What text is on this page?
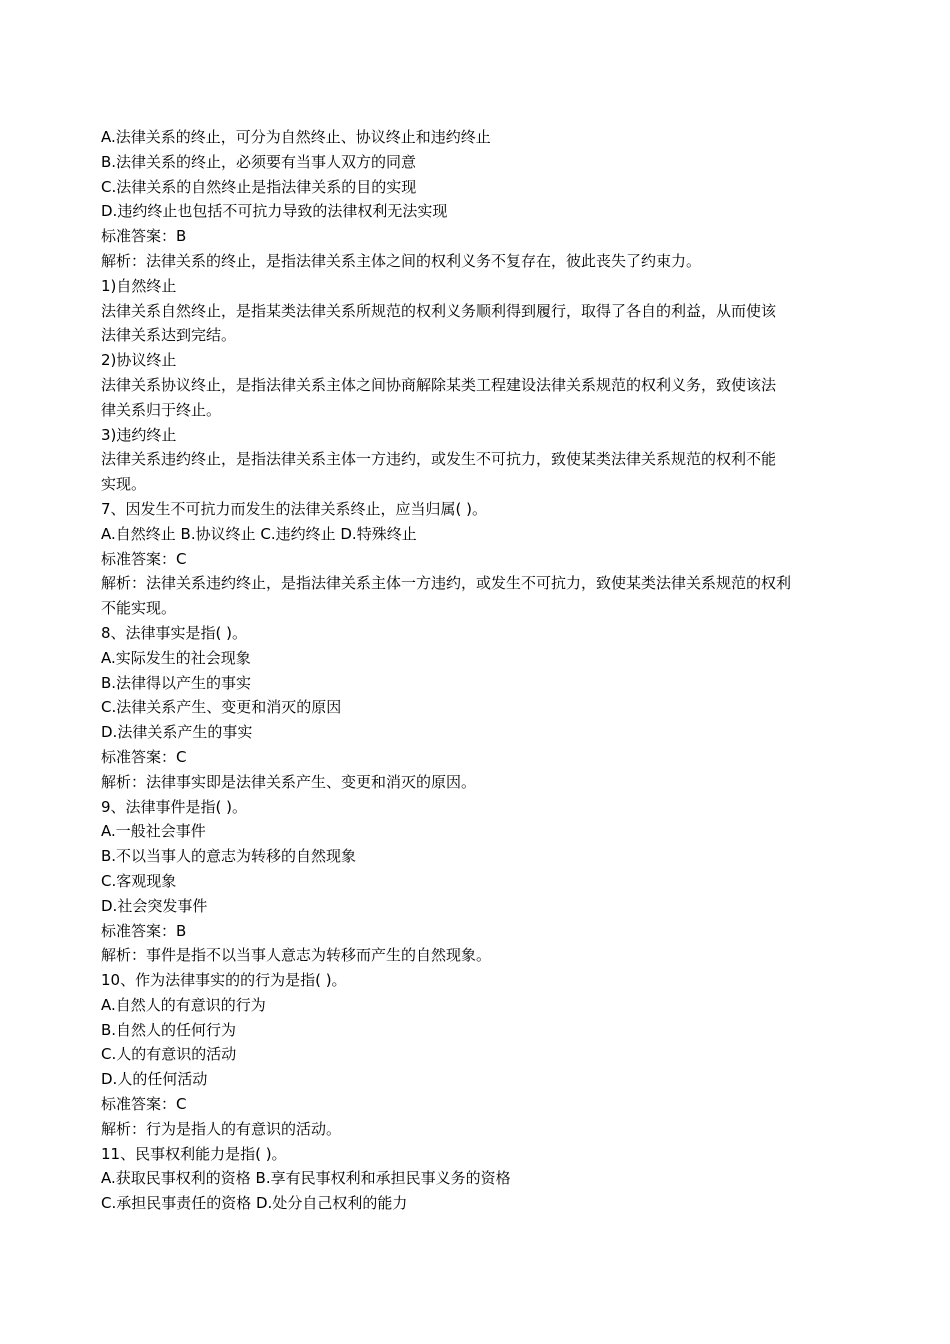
A.法律关系的终止，可分为自然终止、协议终止和违约终止
B.法律关系的终止，必须要有当事人双方的同意
C.法律关系的自然终止是指法律关系的目的实现
D.违约终止也包括不可抗力导致的法律权利无法实现
标准答案：B
解析：法律关系的终止，是指法律关系主体之间的权利义务不复存在，彼此丧失了约束力。
1)自然终止
法律关系自然终止，是指某类法律关系所规范的权利义务顺利得到履行，取得了各自的利益，从而使该
法律关系达到完结。
2)协议终止
法律关系协议终止，是指法律关系主体之间协商解除某类工程建设法律关系规范的权利义务，致使该法
律关系归于终止。
3)违约终止
法律关系违约终止，是指法律关系主体一方违约，或发生不可抗力，致使某类法律关系规范的权利不能
实现。
7、因发生不可抗力而发生的法律关系终止，应当归属( )。
A.自然终止 B.协议终止 C.违约终止 D.特殊终止
标准答案：C
解析：法律关系违约终止，是指法律关系主体一方违约，或发生不可抗力，致使某类法律关系规范的权利
不能实现。
8、法律事实是指( )。
A.实际发生的社会现象
B.法律得以产生的事实
C.法律关系产生、变更和消灭的原因
D.法律关系产生的事实
标准答案：C
解析：法律事实即是法律关系产生、变更和消灭的原因。
9、法律事件是指( )。
A.一般社会事件
B.不以当事人的意志为转移的自然现象
C.客观现象
D.社会突发事件
标准答案：B
解析：事件是指不以当事人意志为转移而产生的自然现象。
10、作为法律事实的的行为是指( )。
A.自然人的有意识的行为
B.自然人的任何行为
C.人的有意识的活动
D.人的任何活动
标准答案：C
解析：行为是指人的有意识的活动。
11、民事权利能力是指( )。
A.获取民事权利的资格 B.享有民事权利和承担民事义务的资格
C.承担民事责任的资格 D.处分自己权利的能力
